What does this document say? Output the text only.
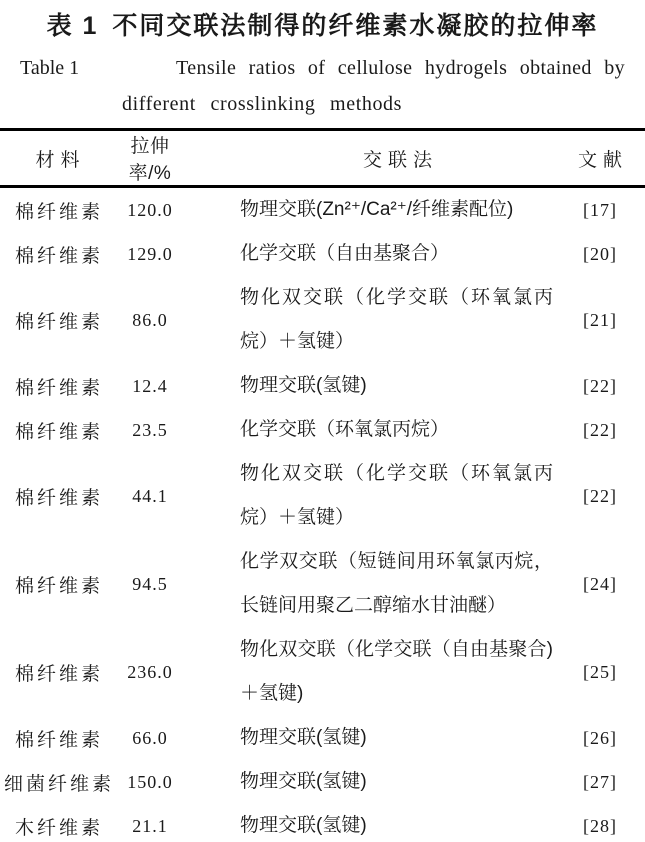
表 1 不同交联法制得的纤维素水凝胶的拉伸率
Table 1	Tensile ratios of cellulose hydrogels obtained by
different crosslinking methods
材料	拉伸率/%	交联法	文献
棉纤维素	120.0	物理交联(Zn²⁺/Ca²⁺/纤维素配位)	[17]
棉纤维素	129.0	化学交联（自由基聚合）	[20]
棉纤维素	86.0	物化双交联（化学交联（环氧氯丙烷）＋氢键）	[21]
棉纤维素	12.4	物理交联(氢键)	[22]
棉纤维素	23.5	化学交联（环氧氯丙烷）	[22]
棉纤维素	44.1	物化双交联（化学交联（环氧氯丙烷）＋氢键）	[22]
棉纤维素	94.5	化学双交联（短链间用环氧氯丙烷，长链间用聚乙二醇缩水甘油醚）	[24]
棉纤维素	236.0	物化双交联（化学交联（自由基聚合)＋氢键)	[25]
棉纤维素	66.0	物理交联(氢键)	[26]
细菌纤维素	150.0	物理交联(氢键)	[27]
木纤维素	21.1	物理交联(氢键)	[28]
